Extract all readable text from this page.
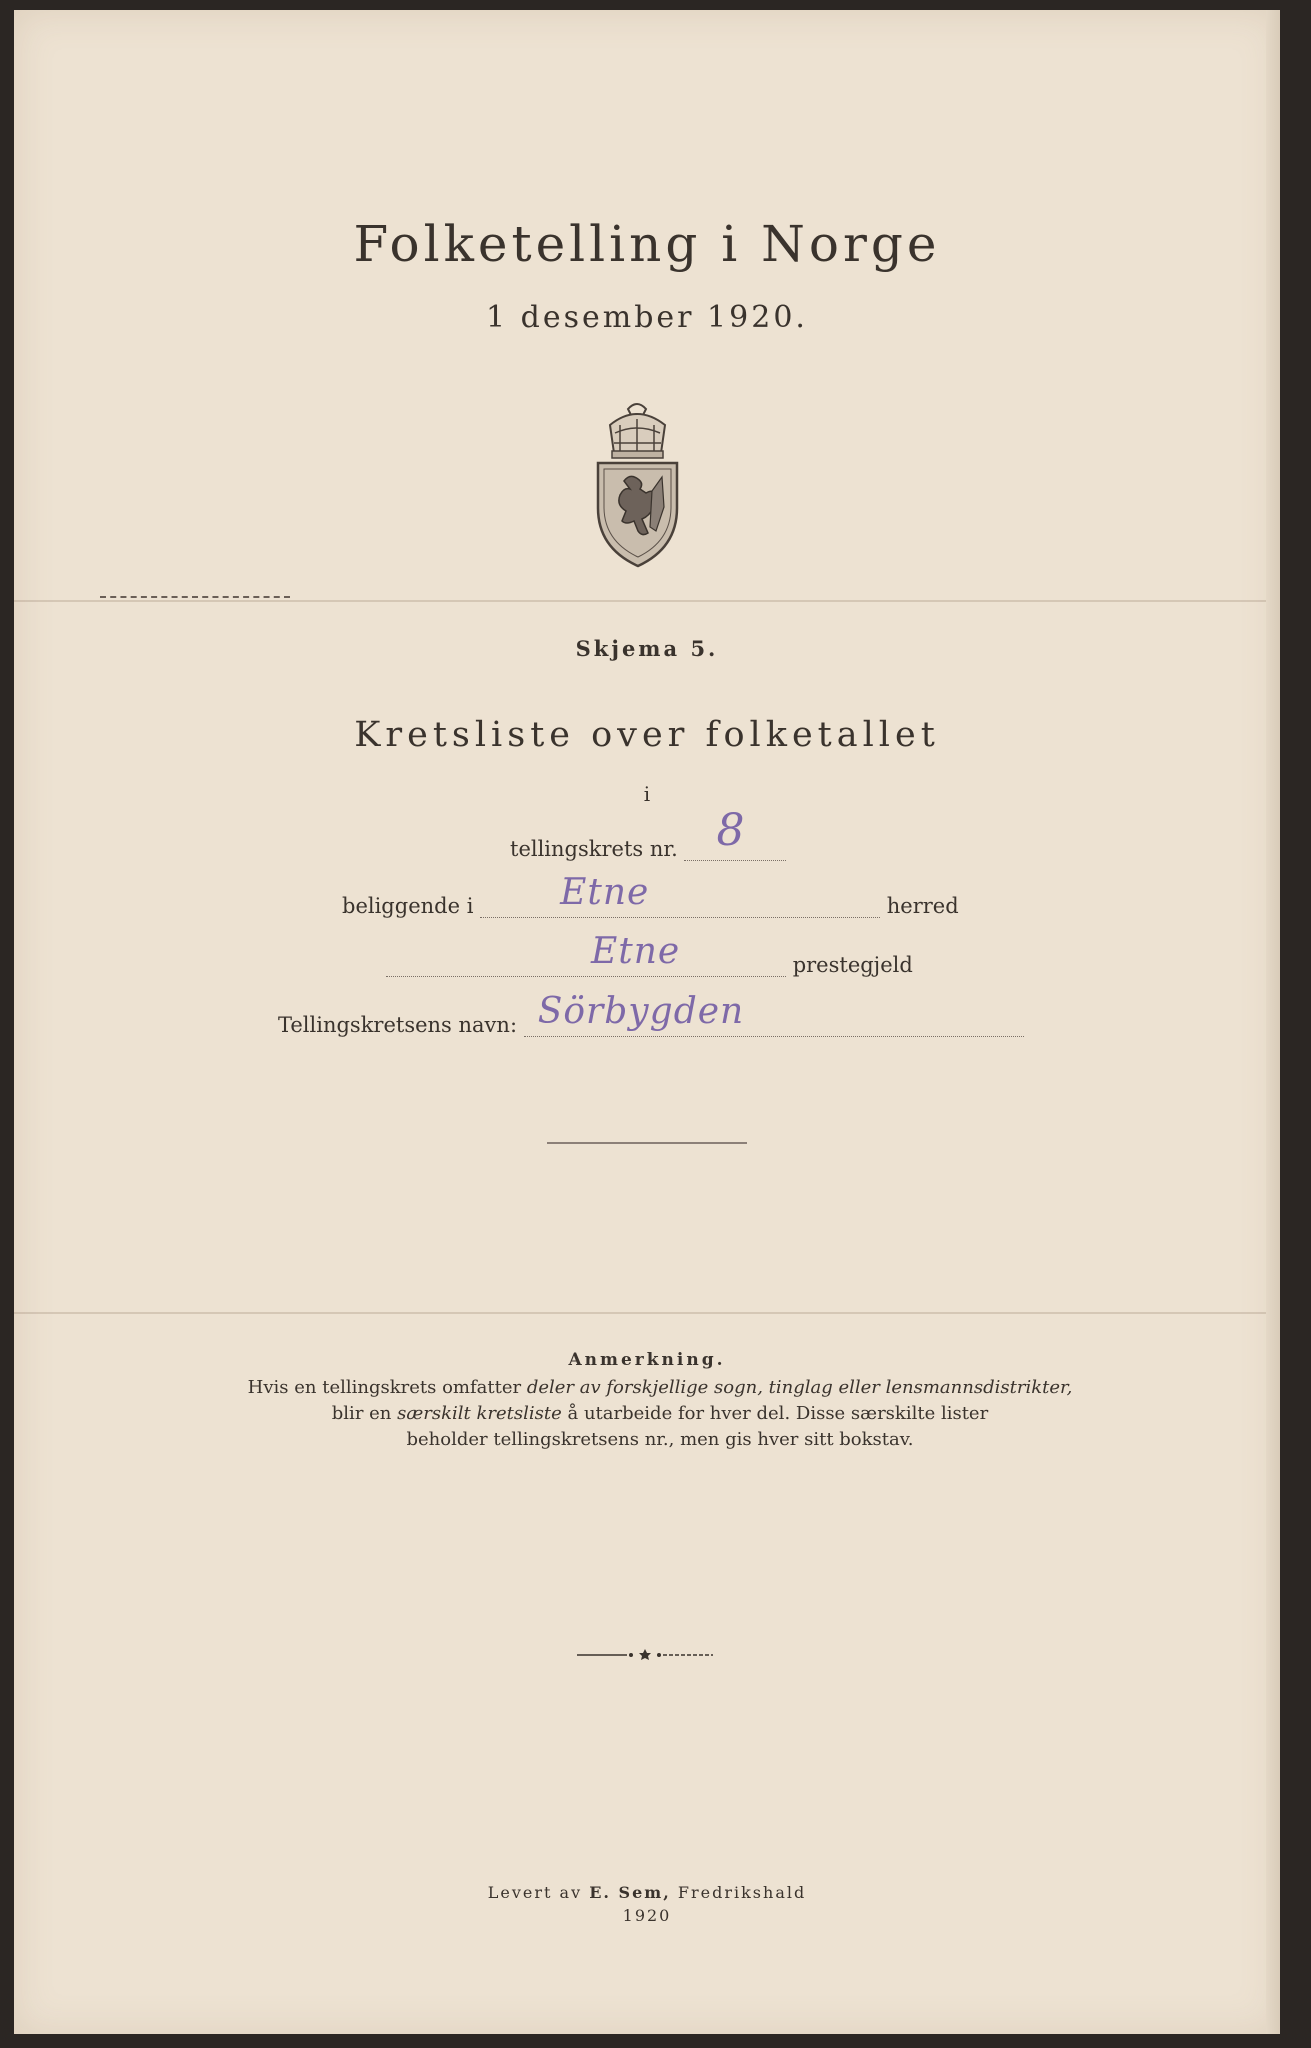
Folketelling i Norge
1 desember 1920.
Skjema 5.
Kretsliste over folketallet
i
tellingskrets nr. 8
beliggende i Etne	herred
Etne	prestegjeld
Tellingskretsens navn: Sörbygden
Anmerkning.
Hvis en tellingskrets omfatter deler av forskjellige sogn, tinglag eller lensmannsdistrikter,
blir en særskilt kretsliste å utarbeide for hver del. Disse særskilte lister
beholder tellingskretsens nr., men gis hver sitt bokstav.
Levert av E. Sem, Fredrikshald
1920
